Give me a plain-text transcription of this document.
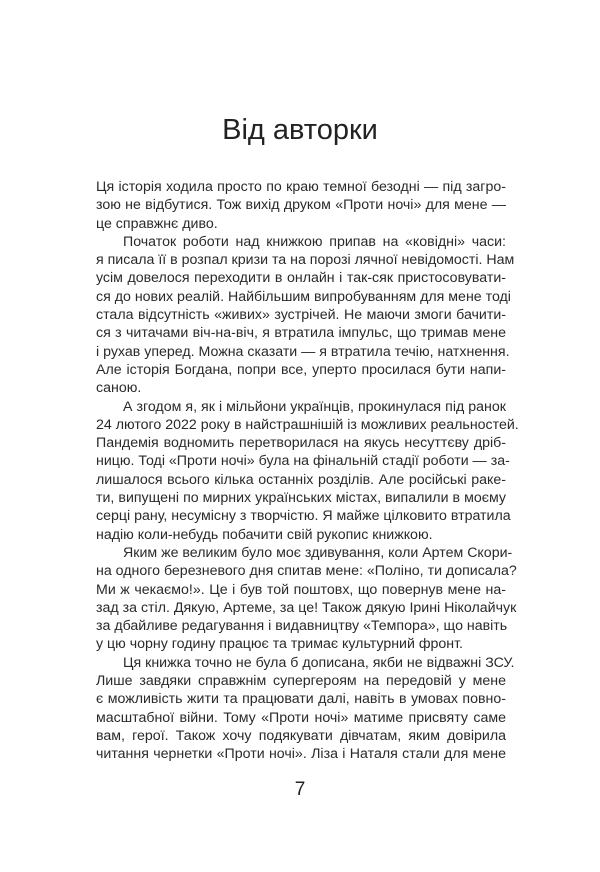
Від авторки
Ця історія ходила просто по краю темної безодні — під загро-
зою не відбутися. Тож вихід друком «Проти ночі» для мене —
це справжнє диво.
Початок роботи над книжкою припав на «ковідні» часи:
я писала її в розпал кризи та на порозі лячної невідомості. Нам
усім довелося переходити в онлайн і так-сяк пристосовувати-
ся до нових реалій. Найбільшим випробуванням для мене тоді
стала відсутність «живих» зустрічей. Не маючи змоги бачити-
ся з читачами віч-на-віч, я втратила імпульс, що тримав мене
і рухав уперед. Можна сказати — я втратила течію, натхнення.
Але історія Богдана, попри все, уперто просилася бути напи-
саною.
А згодом я, як і мільйони українців, прокинулася під ранок
24 лютого 2022 року в найстрашнішій із можливих реальностей.
Пандемія водномить перетворилася на якусь несуттєву дріб-
ницю. Тоді «Проти ночі» була на фінальній стадії роботи — за-
лишалося всього кілька останніх розділів. Але російські раке-
ти, випущені по мирних українських містах, випалили в моєму
серці рану, несумісну з творчістю. Я майже цілковито втратила
надію коли-небудь побачити свій рукопис книжкою.
Яким же великим було моє здивування, коли Артем Скори-
на одного березневого дня спитав мене: «Поліно, ти дописала?
Ми ж чекаємо!». Це і був той поштовх, що повернув мене на-
зад за стіл. Дякую, Артеме, за це! Також дякую Ірині Ніколайчук
за дбайливе редагування і видавництву «Темпора», що навіть
у цю чорну годину працює та тримає культурний фронт.
Ця книжка точно не була б дописана, якби не відважні ЗСУ.
Лише завдяки справжнім супергероям на передовій у мене
є можливість жити та працювати далі, навіть в умовах повно-
масштабної війни. Тому «Проти ночі» матиме присвяту саме
вам, герої. Також хочу подякувати дівчатам, яким довірила
читання чернетки «Проти ночі». Ліза і Наталя стали для мене
7
